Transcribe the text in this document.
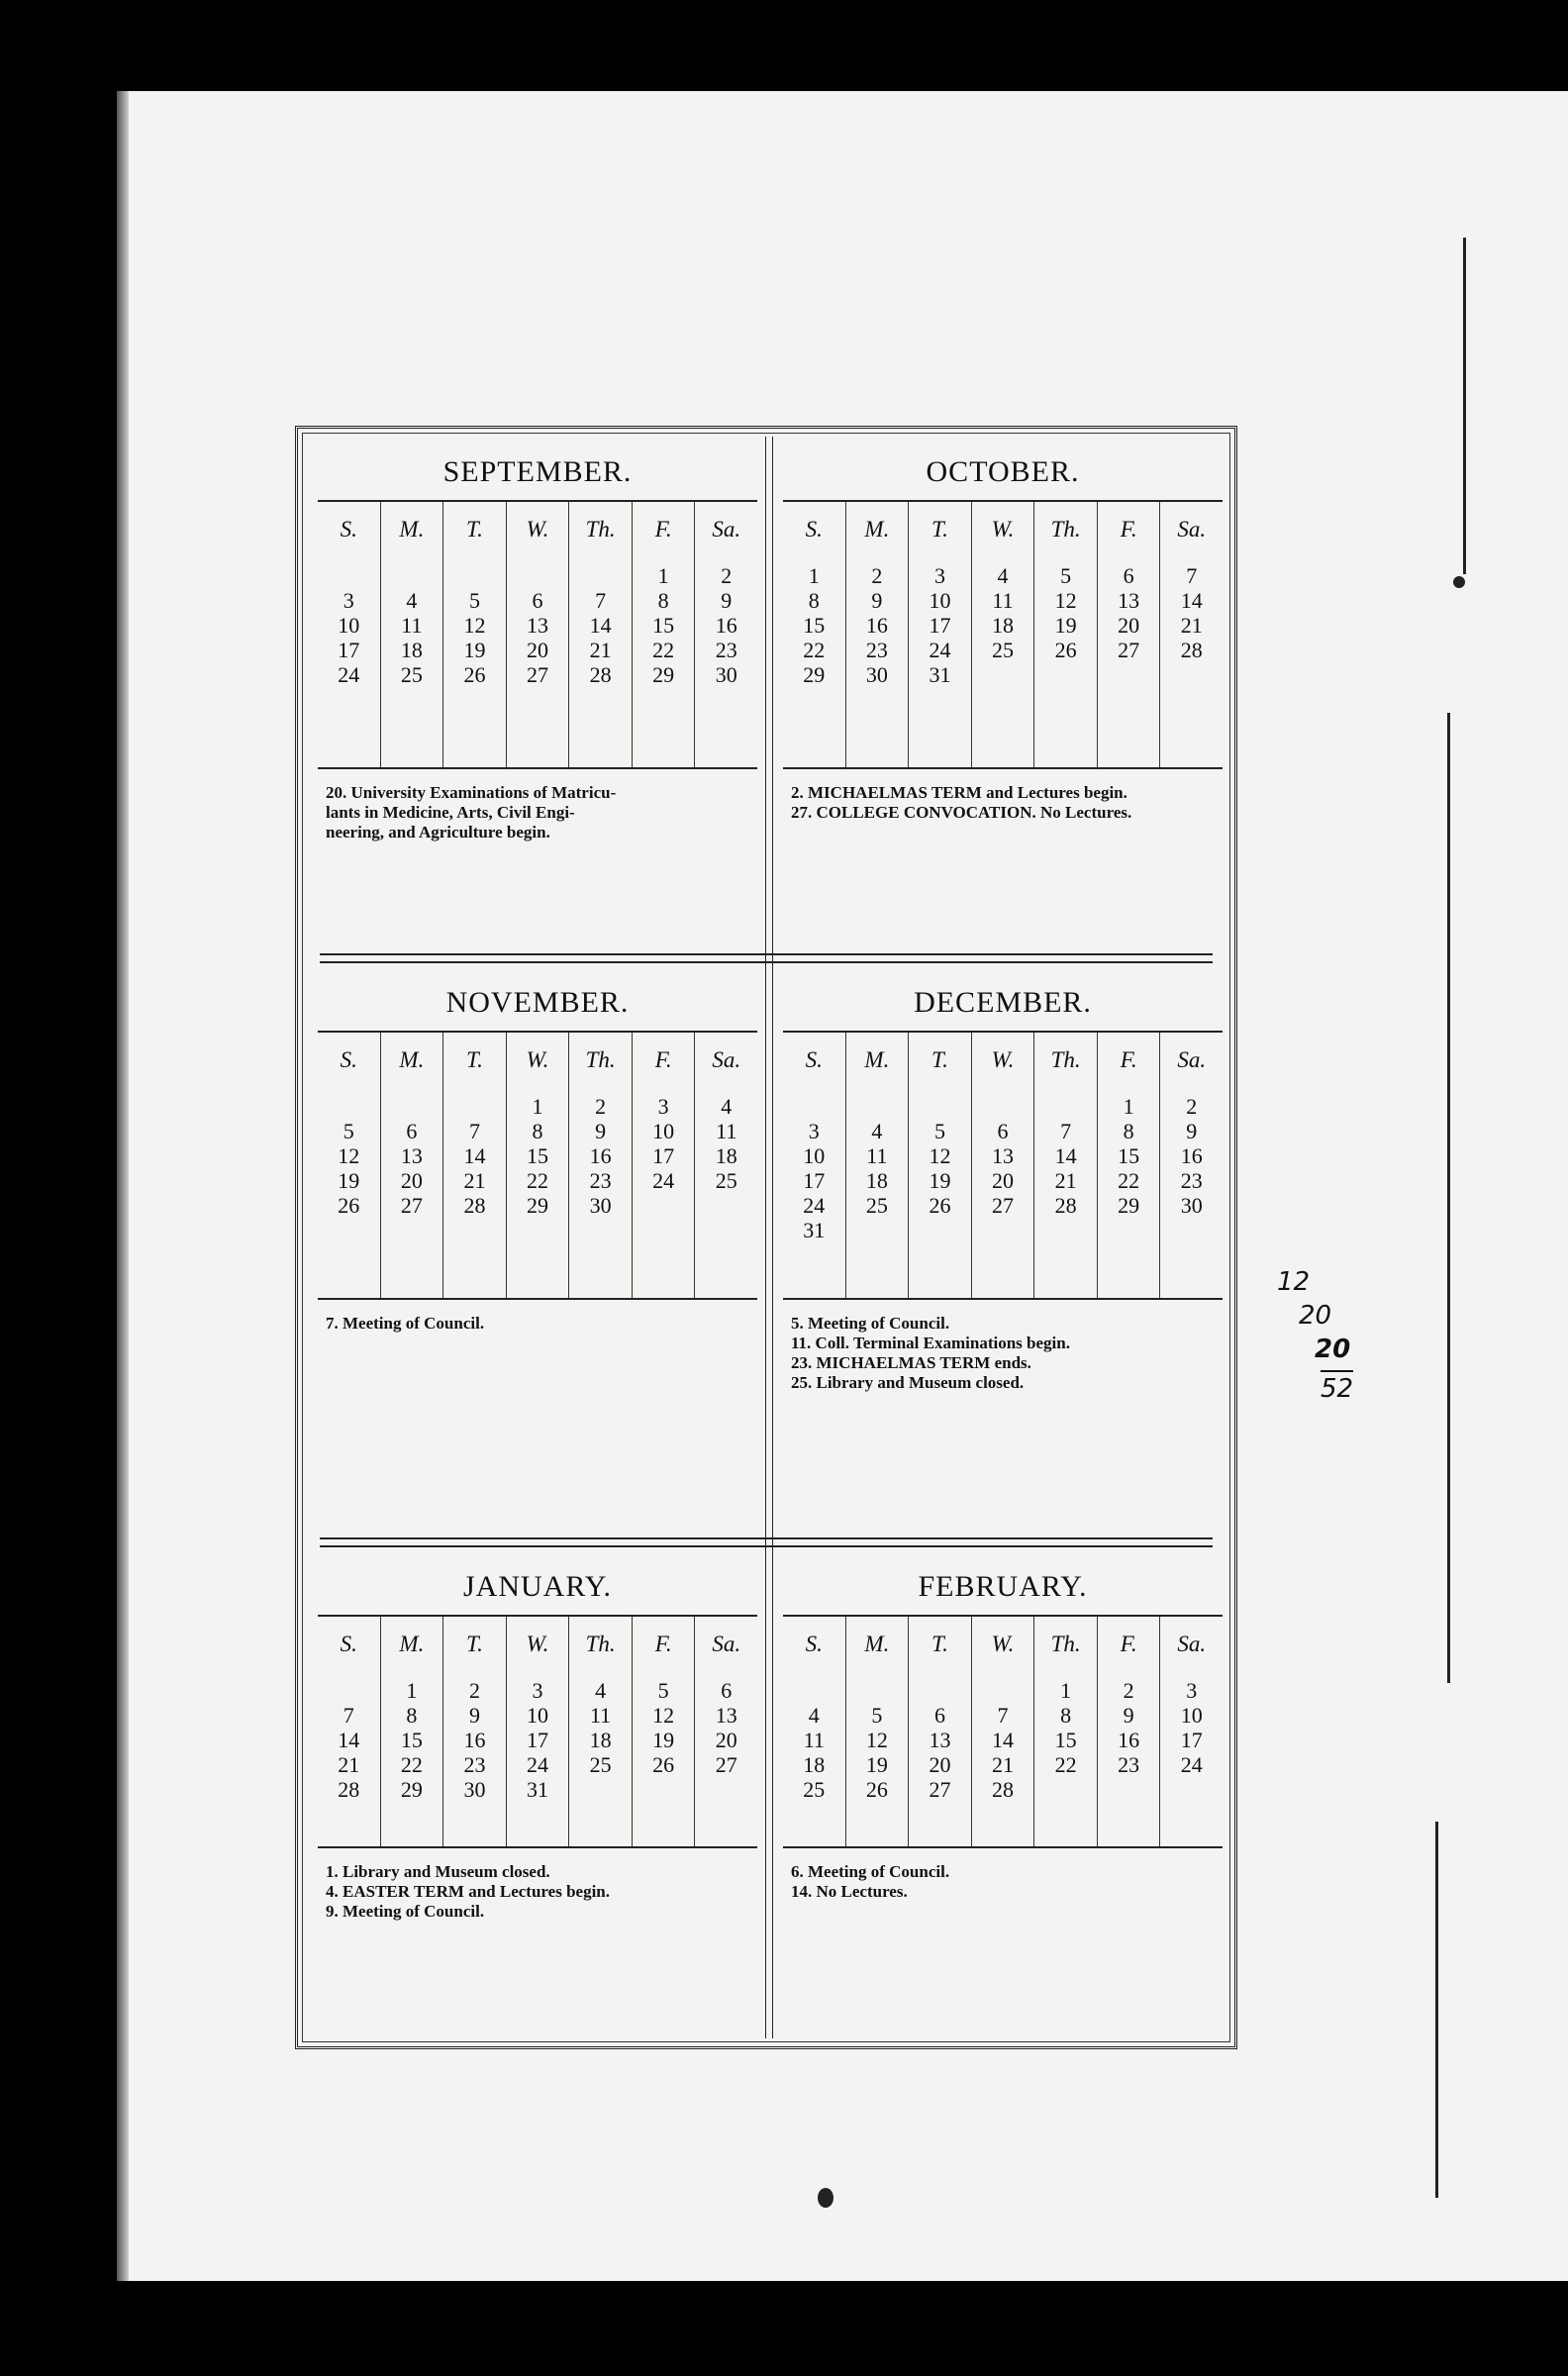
SEPTEMBER.
S.
3
10
17
24
M.
4
11
18
25
T.
5
12
19
26
W.
6
13
20
27
Th.
7
14
21
28
F.
1
8
15
22
29
Sa.
2
9
16
23
30
20. University Examinations of Matricu-
lants in Medicine, Arts, Civil Engi-
neering, and Agriculture begin.
OCTOBER.
S.
1
8
15
22
29
M.
2
9
16
23
30
T.
3
10
17
24
31
W.
4
11
18
25
Th.
5
12
19
26
F.
6
13
20
27
Sa.
7
14
21
28
2. MICHAELMAS TERM and Lectures begin.
27. COLLEGE CONVOCATION. No Lectures.
NOVEMBER.
S.
5
12
19
26
M.
6
13
20
27
T.
7
14
21
28
W.
1
8
15
22
29
Th.
2
9
16
23
30
F.
3
10
17
24
Sa.
4
11
18
25
7. Meeting of Council.
DECEMBER.
S.
3
10
17
24
31
M.
4
11
18
25
T.
5
12
19
26
W.
6
13
20
27
Th.
7
14
21
28
F.
1
8
15
22
29
Sa.
2
9
16
23
30
5. Meeting of Council.
11. Coll. Terminal Examinations begin.
23. MICHAELMAS TERM ends.
25. Library and Museum closed.
JANUARY.
S.
7
14
21
28
M.
1
8
15
22
29
T.
2
9
16
23
30
W.
3
10
17
24
31
Th.
4
11
18
25
F.
5
12
19
26
Sa.
6
13
20
27
1. Library and Museum closed.
4. EASTER TERM and Lectures begin.
9. Meeting of Council.
FEBRUARY.
S.
4
11
18
25
M.
5
12
19
26
T.
6
13
20
27
W.
7
14
21
28
Th.
1
8
15
22
F.
2
9
16
23
Sa.
3
10
17
24
6. Meeting of Council.
14. No Lectures.
12
20
20
52
